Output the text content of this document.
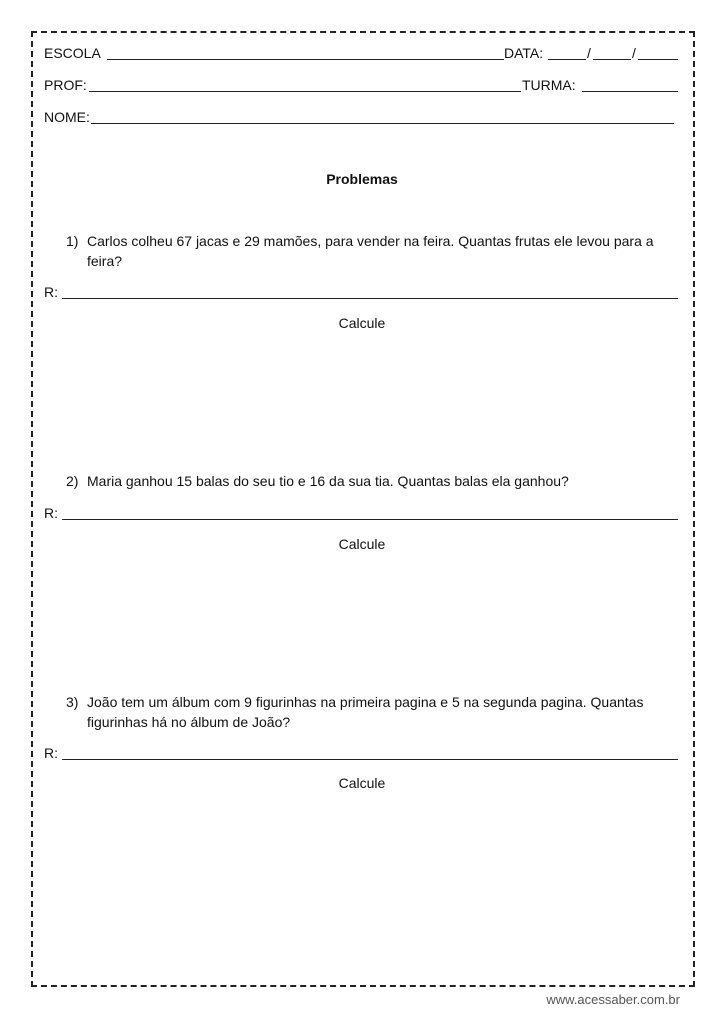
ESCOLA	DATA:	/	/
PROF:	TURMA:
NOME:
Problemas
1) Carlos colheu 67 jacas e 29 mamões, para vender na feira. Quantas frutas ele levou para a
feira?
R:
Calcule
2) Maria ganhou 15 balas do seu tio e 16 da sua tia. Quantas balas ela ganhou?
R:
Calcule
3) João tem um álbum com 9 figurinhas na primeira pagina e 5 na segunda pagina. Quantas
figurinhas há no álbum de João?
R:
Calcule
www.acessaber.com.br
